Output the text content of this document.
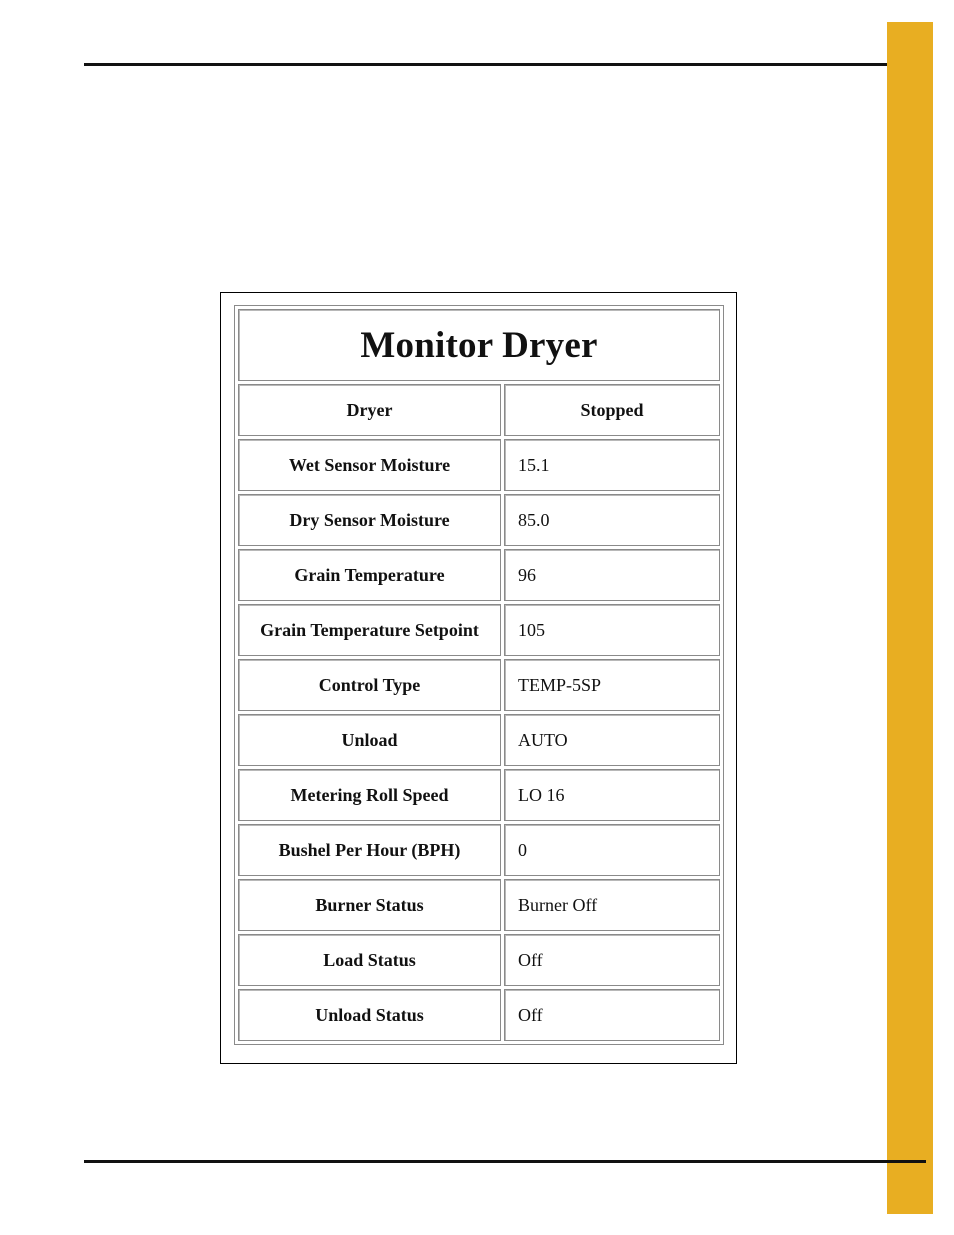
Monitor Dryer	
Dryer	Stopped
Wet Sensor Moisture	15.1
Dry Sensor Moisture	85.0
Grain Temperature	96
Grain Temperature Setpoint	105
Control Type	TEMP-5SP
Unload	AUTO
Metering Roll Speed	LO 16
Bushel Per Hour (BPH)	0
Burner Status	Burner Off
Load Status	Off
Unload Status	Off
